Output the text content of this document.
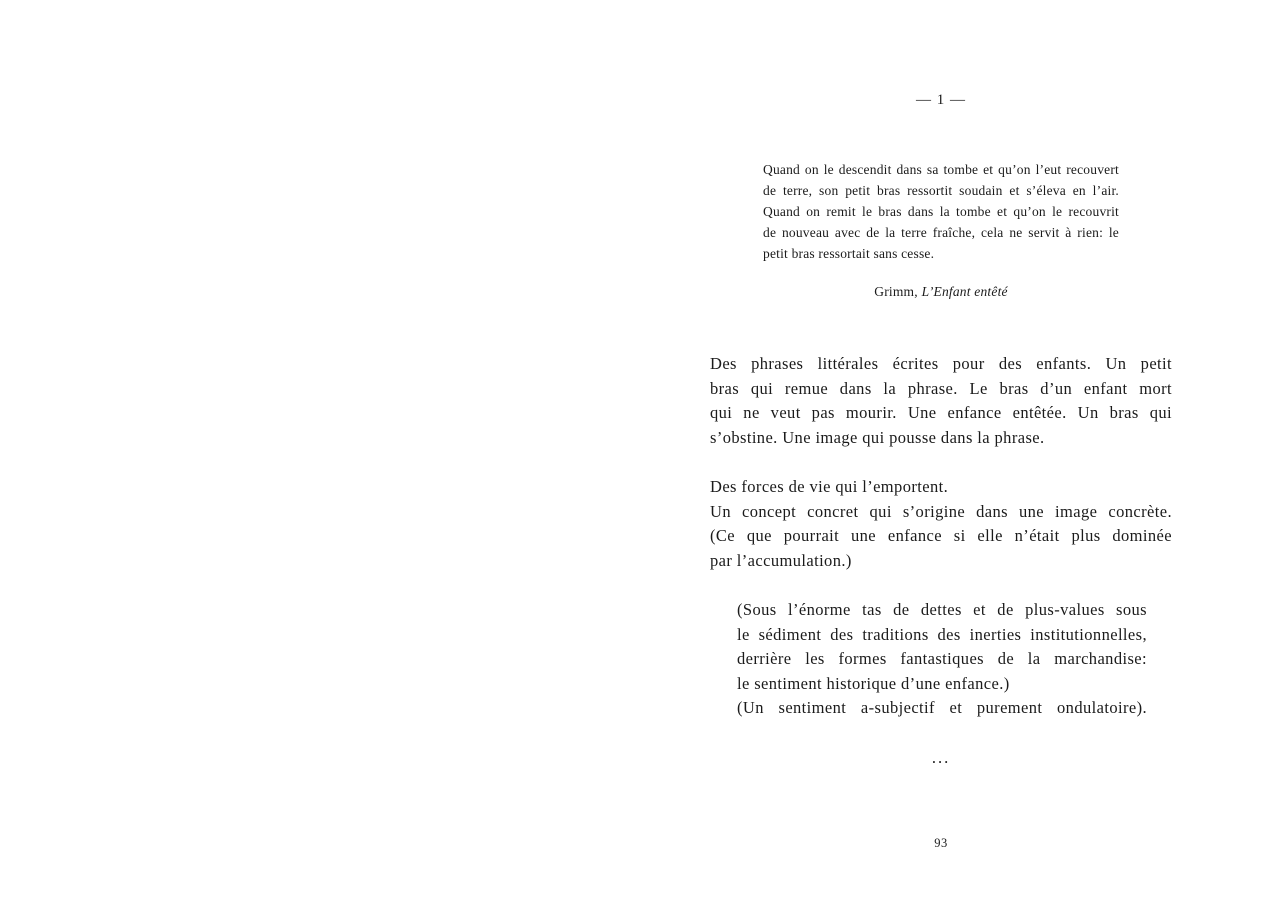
— 1 —
Quand on le descendit dans sa tombe et qu’on l’eut recouvert
de terre, son petit bras ressortit soudain et s’éleva en l’air.
Quand on remit le bras dans la tombe et qu’on le recouvrit
de nouveau avec de la terre fraîche, cela ne servit à rien: le
petit bras ressortait sans cesse.
Grimm, L’Enfant entêté
Des phrases littérales écrites pour des enfants. Un petit
bras qui remue dans la phrase. Le bras d’un enfant mort
qui ne veut pas mourir. Une enfance entêtée. Un bras qui
s’obstine. Une image qui pousse dans la phrase.
Des forces de vie qui l’emportent.
Un concept concret qui s’origine dans une image concrète.
(Ce que pourrait une enfance si elle n’était plus dominée
par l’accumulation.)
(Sous l’énorme tas de dettes et de plus-values sous
le sédiment des traditions des inerties institutionnelles,
derrière les formes fantastiques de la marchandise:
le sentiment historique d’une enfance.)
(Un sentiment a-subjectif et purement ondulatoire).
...
93
